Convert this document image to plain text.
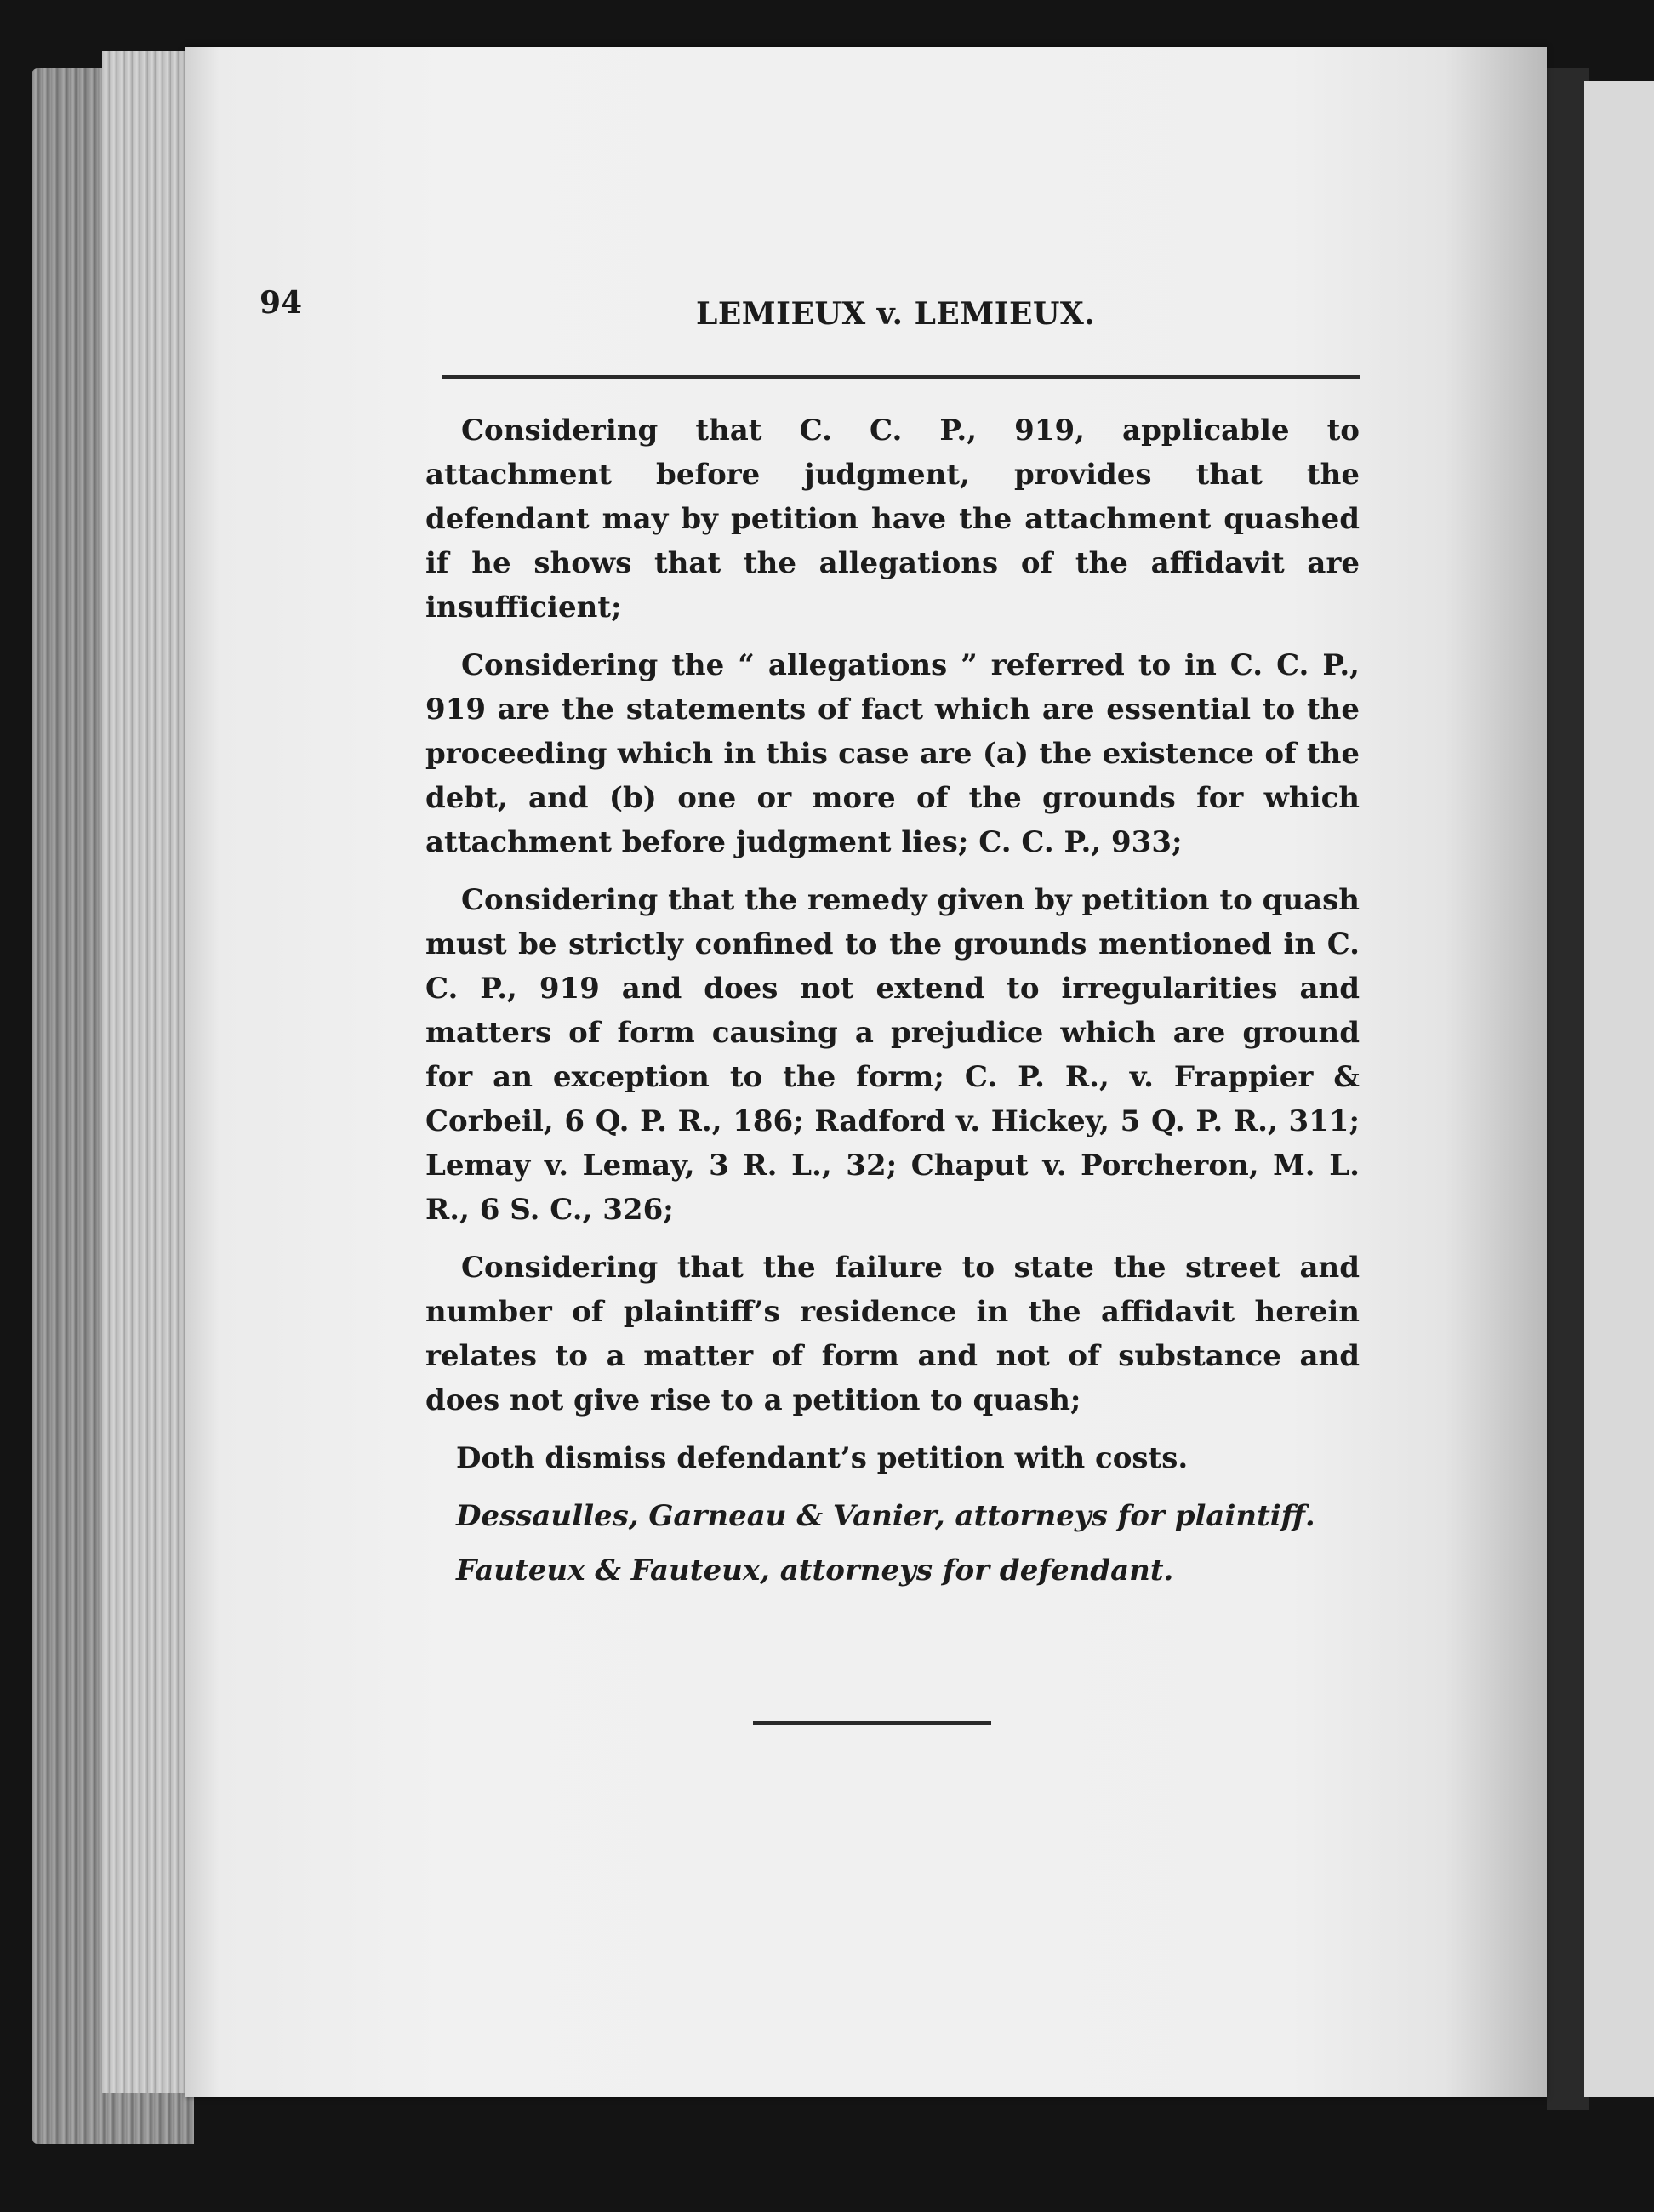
94	LEMIEUX v. LEMIEUX.

Considering that C. C. P., 919, applicable to attachment before judgment, provides that the defendant may by petition have the attachment quashed if he shows that the allegations of the affidavit are insufficient;

Considering the “ allegations ” referred to in C. C. P., 919 are the statements of fact which are essential to the proceeding which in this case are (a) the existence of the debt, and (b) one or more of the grounds for which attachment before judgment lies; C. C. P., 933;

Considering that the remedy given by petition to quash must be strictly confined to the grounds mentioned in C. C. P., 919 and does not extend to irregularities and matters of form causing a prejudice which are ground for an exception to the form; C. P. R., v. Frappier & Corbeil, 6 Q. P. R., 186; Radford v. Hickey, 5 Q. P. R., 311; Lemay v. Lemay, 3 R. L., 32; Chaput v. Porcheron, M. L. R., 6 S. C., 326;

Considering that the failure to state the street and number of plaintiff’s residence in the affidavit herein relates to a matter of form and not of substance and does not give rise to a petition to quash;

Doth dismiss defendant’s petition with costs.

Dessaulles, Garneau & Vanier, attorneys for plaintiff.

Fauteux & Fauteux, attorneys for defendant.
